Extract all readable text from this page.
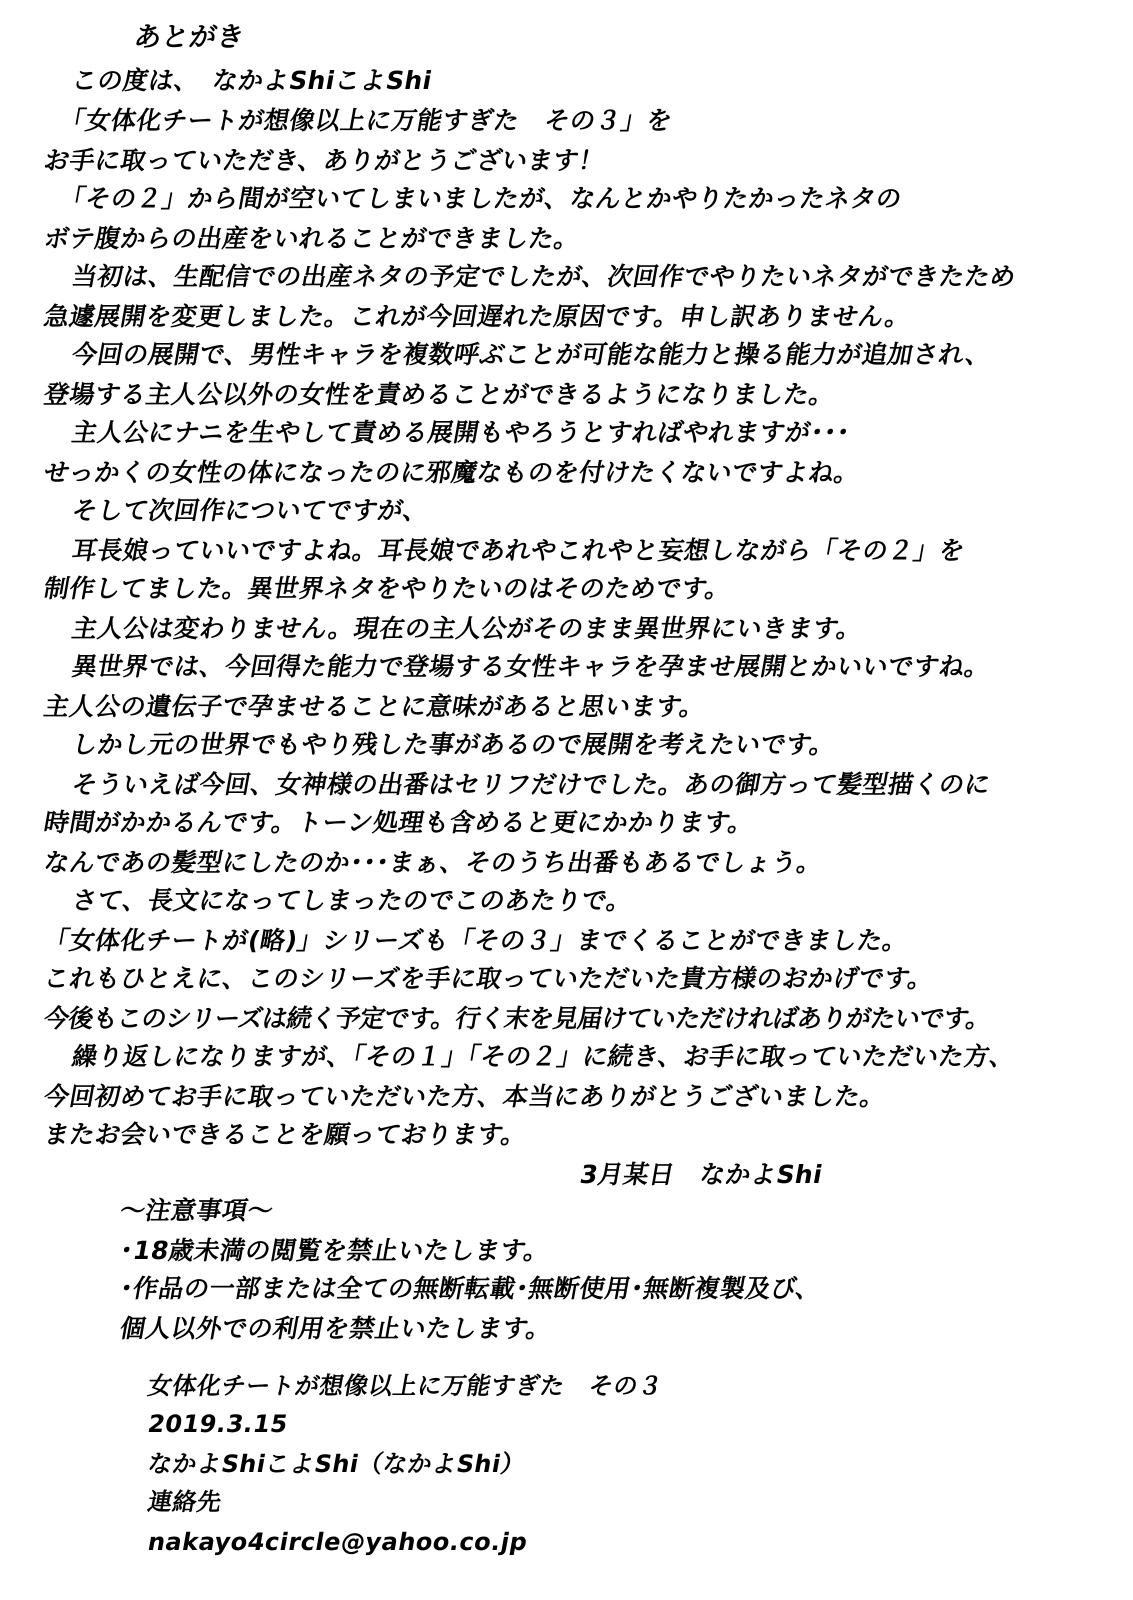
あとがき
この度は、　なかよShiこよShi
「女体化チートが想像以上に万能すぎた　その３」を
お手に取っていただき、ありがとうございます！
「その２」から間が空いてしまいましたが、なんとかやりたかったネタの
ボテ腹からの出産をいれることができました。
当初は、生配信での出産ネタの予定でしたが、次回作でやりたいネタができたため
急遽展開を変更しました。これが今回遅れた原因です。申し訳ありません。
今回の展開で、男性キャラを複数呼ぶことが可能な能力と操る能力が追加され、
登場する主人公以外の女性を責めることができるようになりました。
主人公にナニを生やして責める展開もやろうとすればやれますが･･･
せっかくの女性の体になったのに邪魔なものを付けたくないですよね。
そして次回作についてですが、
耳長娘っていいですよね。耳長娘であれやこれやと妄想しながら「その２」を
制作してました。異世界ネタをやりたいのはそのためです。
主人公は変わりません。現在の主人公がそのまま異世界にいきます。
異世界では、今回得た能力で登場する女性キャラを孕ませ展開とかいいですね。
主人公の遺伝子で孕ませることに意味があると思います。
しかし元の世界でもやり残した事があるので展開を考えたいです。
そういえば今回、女神様の出番はセリフだけでした。あの御方って髪型描くのに
時間がかかるんです。トーン処理も含めると更にかかります。
なんであの髪型にしたのか･･･まぁ、そのうち出番もあるでしょう。
さて、長文になってしまったのでこのあたりで。
「女体化チートが(略)」シリーズも「その３」までくることができました。
これもひとえに、このシリーズを手に取っていただいた貴方様のおかげです。
今後もこのシリーズは続く予定です。行く末を見届けていただければありがたいです。
繰り返しになりますが、「その１」「その２」に続き、お手に取っていただいた方、
今回初めてお手に取っていただいた方、本当にありがとうございました。
またお会いできることを願っております。
3月某日　なかよShi
～注意事項～
･18歳未満の閲覧を禁止いたします。
･作品の一部または全ての無断転載･無断使用･無断複製及び、
個人以外での利用を禁止いたします。
女体化チートが想像以上に万能すぎた　その３
2019.3.15
なかよShiこよShi（なかよShi）
連絡先
nakayo4circle@yahoo.co.jp
